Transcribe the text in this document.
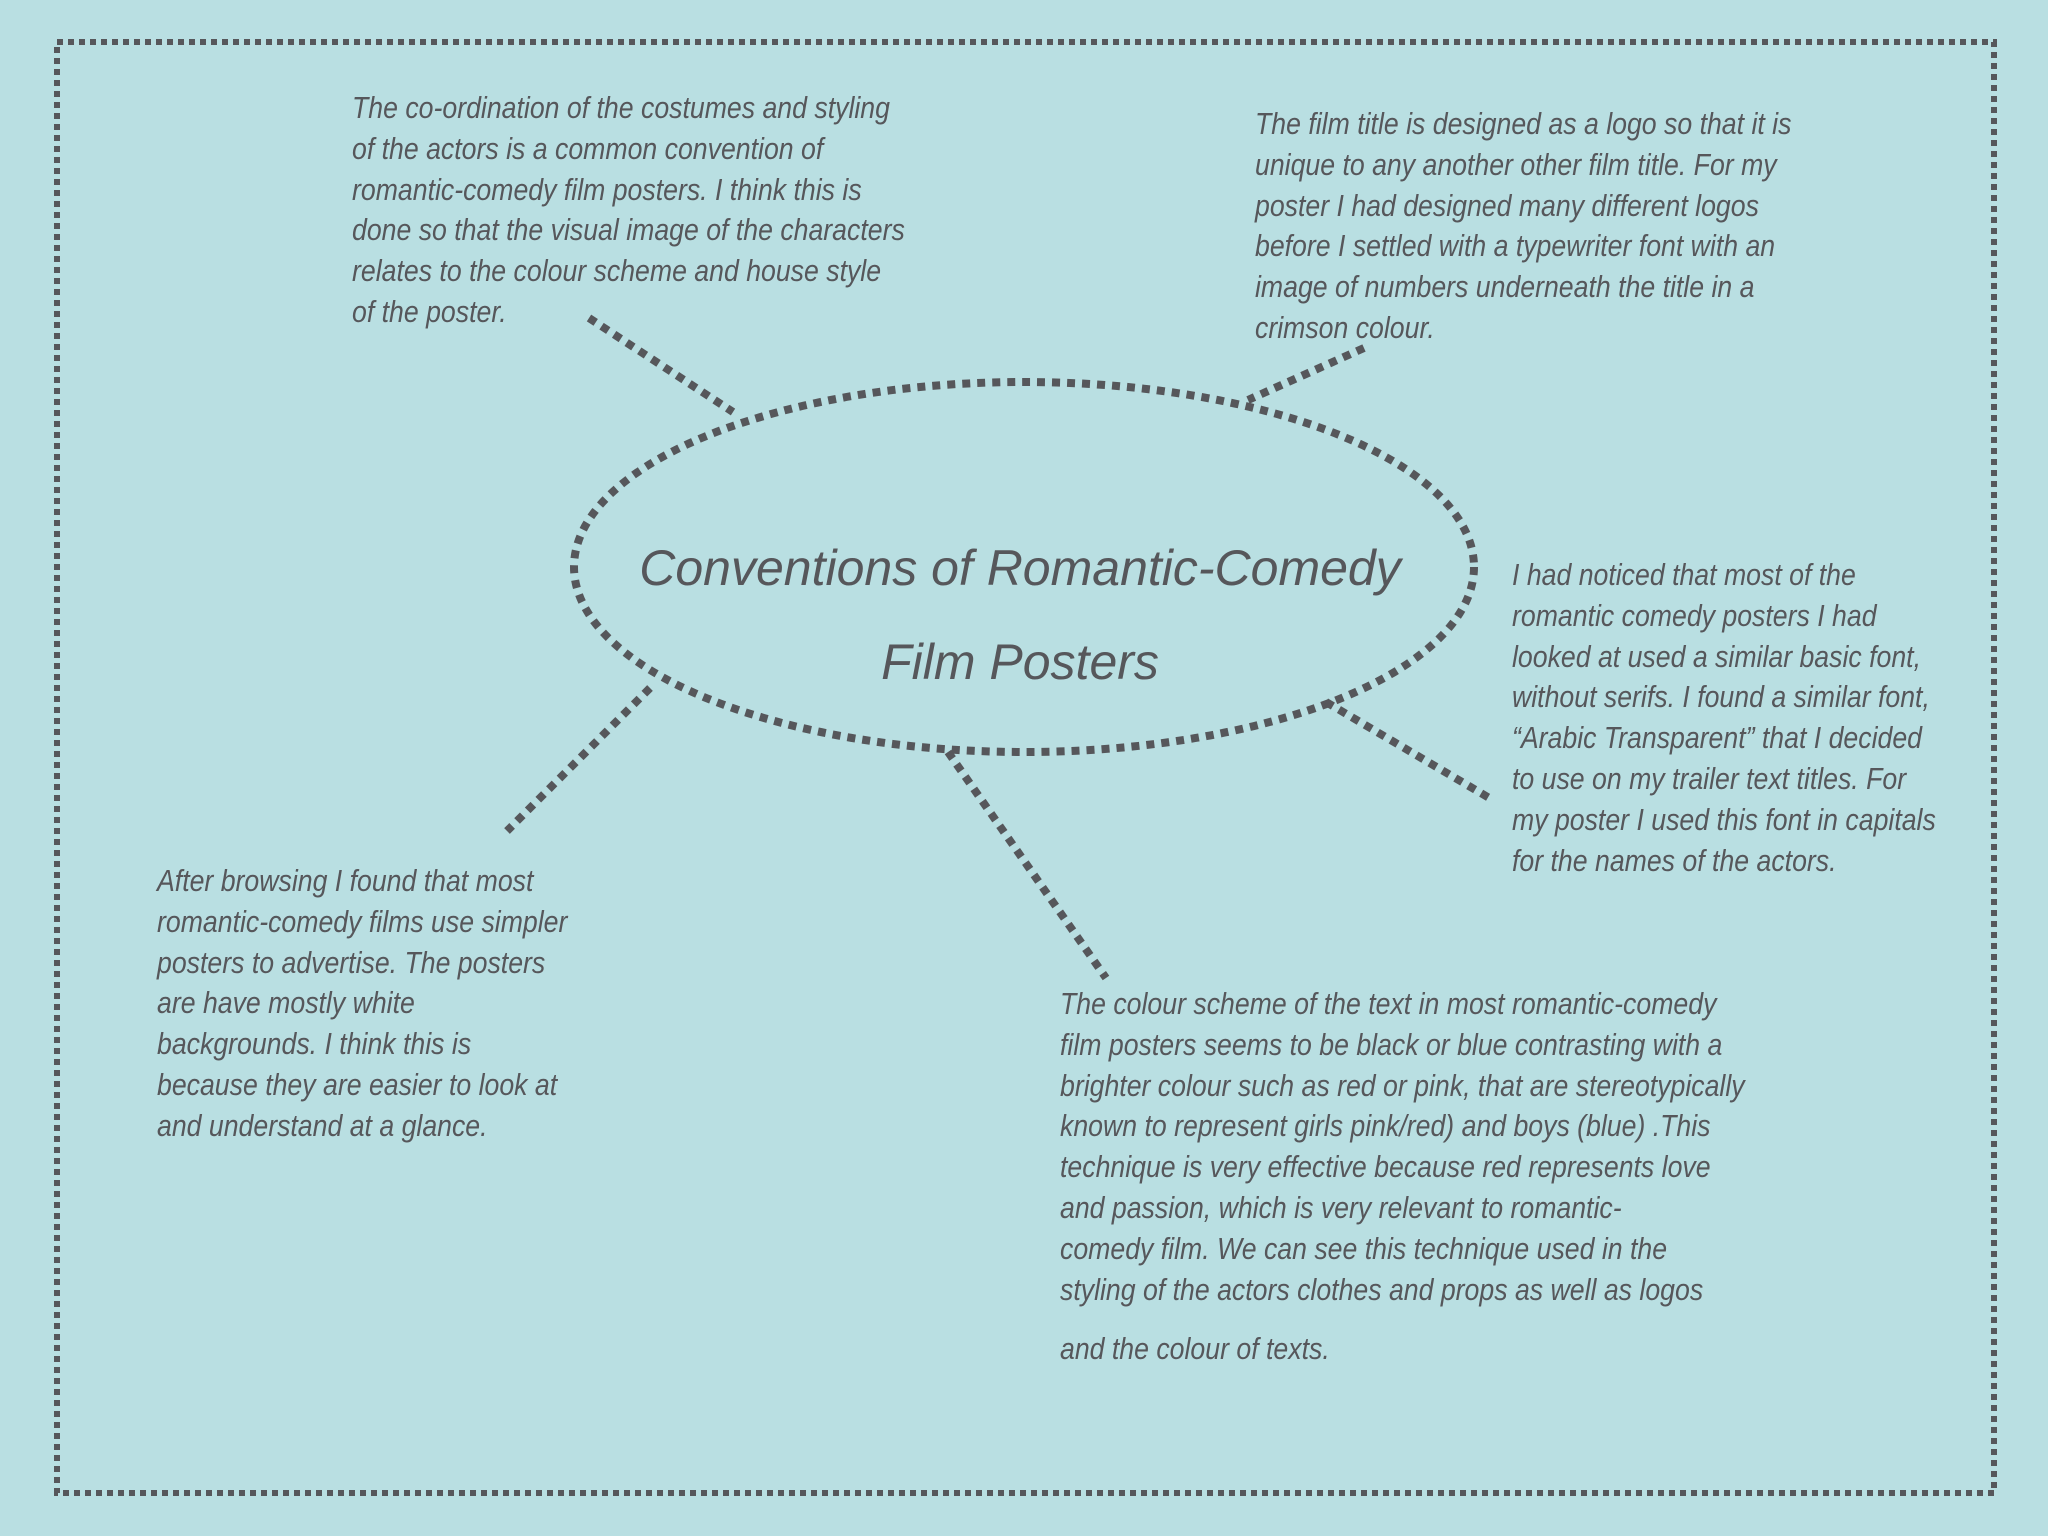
Conventions of Romantic-Comedy
Film Posters
The co-ordination of the costumes and styling
of the actors is a common convention of
romantic-comedy film posters. I think this is
done so that the visual image of the characters
relates to the colour scheme and house style
of the poster.
The film title is designed as a logo so that it is
unique to any another other film title. For my
poster I had designed many different logos
before I settled with a typewriter font with an
image of numbers underneath the title in a
crimson colour.
I had noticed that most of the
romantic comedy posters I had
looked at used a similar basic font,
without serifs. I found a similar font,
“Arabic Transparent” that I decided
to use on my trailer text titles. For
my poster I used this font in capitals
for the names of the actors.
After browsing I found that most
romantic-comedy films use simpler
posters to advertise. The posters
are have mostly white
backgrounds. I think this is
because they are easier to look at
and understand at a glance.
The colour scheme of the text in most romantic-comedy
film posters seems to be black or blue contrasting with a
brighter colour such as red or pink, that are stereotypically
known to represent girls pink/red) and boys (blue) .This
technique is very effective because red represents love
and passion, which is very relevant to romantic-
comedy film. We can see this technique used in the
styling of the actors clothes and props as well as logos
and the colour of texts.
